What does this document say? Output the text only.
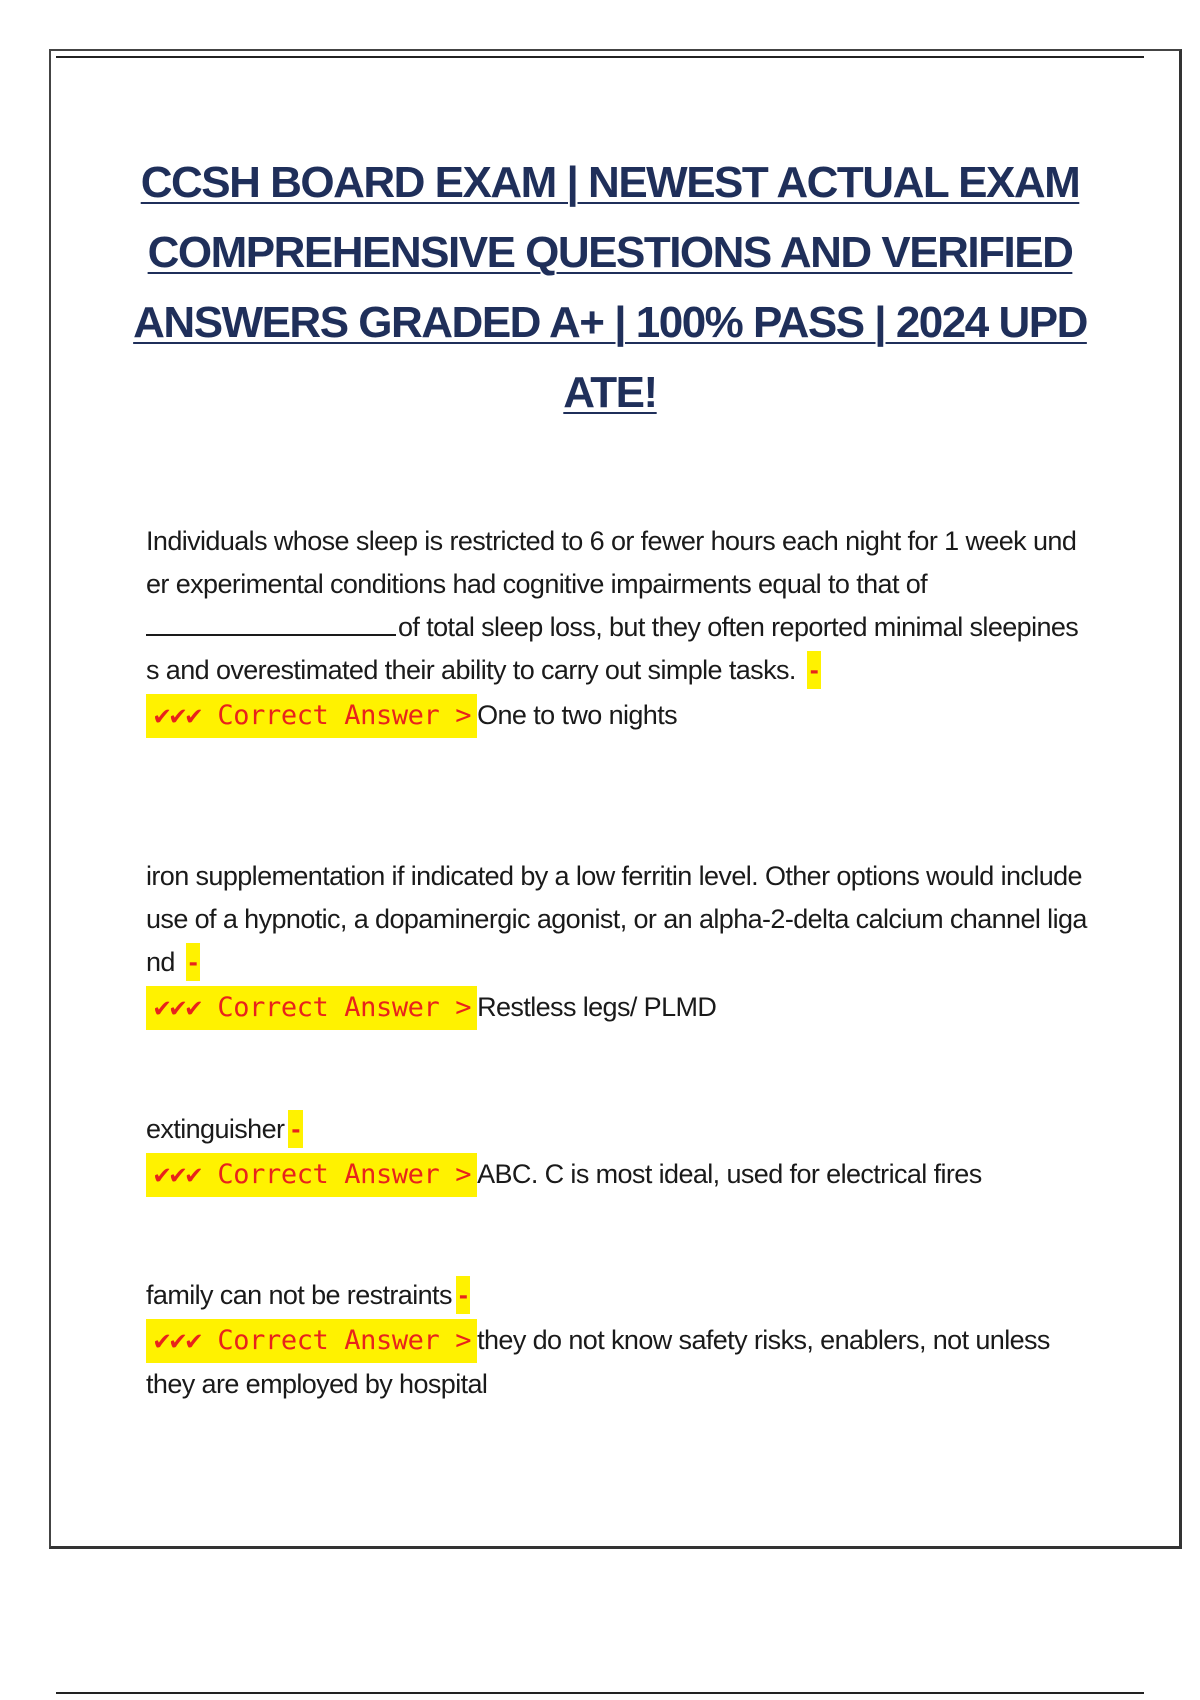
CCSH BOARD EXAM | NEWEST ACTUAL EXAM COMPREHENSIVE QUESTIONS AND VERIFIED ANSWERS GRADED A+ | 100% PASS | 2024 UPDATE!
Individuals whose sleep is restricted to 6 or fewer hours each night for 1 week under experimental conditions had cognitive impairments equal to that of
of total sleep loss, but they often reported minimal sleepiness and overestimated their ability to carry out simple tasks. -
✔✔✔ Correct Answer > One to two nights
iron supplementation if indicated by a low ferritin level. Other options would include use of a hypnotic, a dopaminergic agonist, or an alpha-2-delta calcium channel ligand -
✔✔✔ Correct Answer > Restless legs/ PLMD
extinguisher -
✔✔✔ Correct Answer > ABC. C is most ideal, used for electrical fires
family can not be restraints -
✔✔✔ Correct Answer > they do not know safety risks, enablers, not unless they are employed by hospital
